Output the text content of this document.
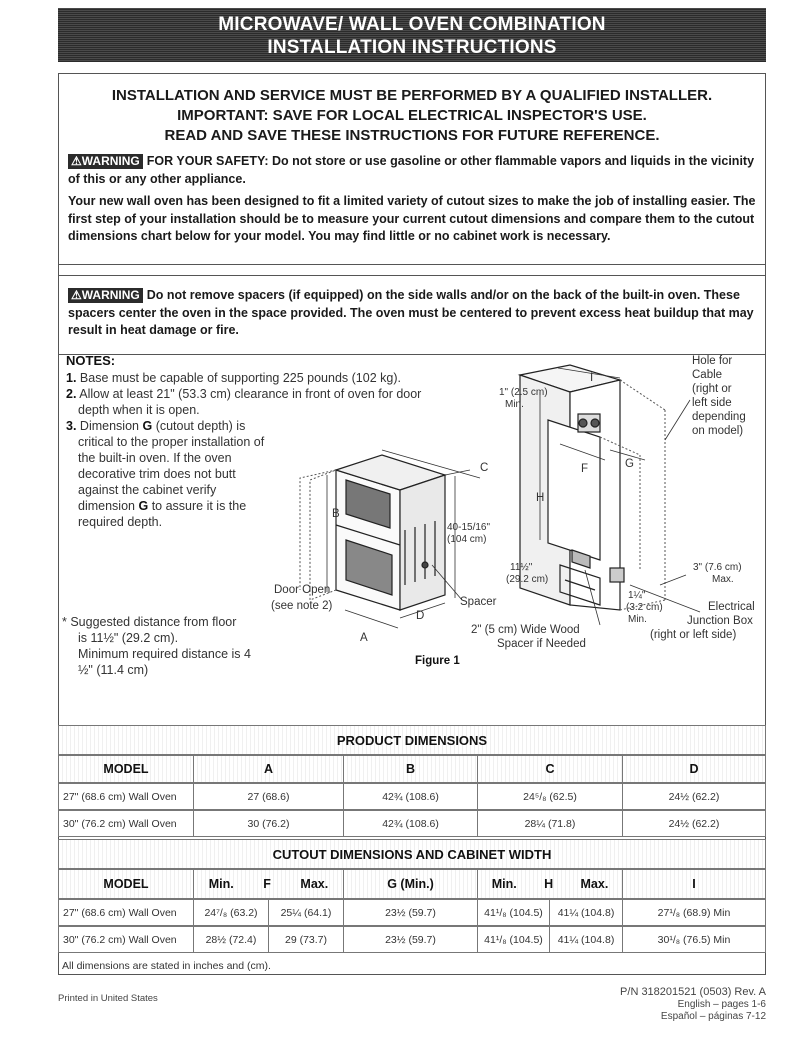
MICROWAVE/ WALL OVEN COMBINATION
INSTALLATION INSTRUCTIONS
INSTALLATION AND SERVICE MUST BE PERFORMED BY A QUALIFIED INSTALLER.
IMPORTANT: SAVE FOR LOCAL ELECTRICAL INSPECTOR'S USE.
READ AND SAVE THESE INSTRUCTIONS FOR FUTURE REFERENCE.
⚠WARNING FOR YOUR SAFETY: Do not store or use gasoline or other flammable vapors and liquids in the vicinity of this or any other appliance.
Your new wall oven has been designed to fit a limited variety of cutout sizes to make the job of installing easier. The first step of your installation should be to measure your current cutout dimensions and compare them to the cutout dimensions chart below for your model. You may find little or no cabinet work is necessary.
⚠WARNING Do not remove spacers (if equipped) on the side walls and/or on the back of the built-in oven. These spacers center the oven in the space provided. The oven must be centered to prevent excess heat buildup that may result in heat damage or fire.
NOTES:
1. Base must be capable of supporting 225 pounds (102 kg).
2. Allow at least 21" (53.3 cm) clearance in front of oven for door
depth when it is open.
3. Dimension G (cutout depth) is
critical to the proper installation of
the built-in oven. If the oven
decorative trim does not butt
against the cabinet verify
dimension G to assure it is the
required depth.
* Suggested distance from floor
is 11½" (29.2 cm).
Minimum required distance is 4
½" (11.4 cm)
Figure 1
Door Open
(see note 2)	Spacer
40-15/16"
(104 cm)
1" (2.5 cm)
Min.
11½"
(29.2 cm)
3" (7.6 cm)
Max.
1¼"
(3.2 cm)
Min.
2" (5 cm) Wide Wood
Spacer if Needed
Hole for
Cable
(right or
left side
depending
on model)
Electrical
Junction Box
(right or left side)
A
B
C
D
F	G
H
I
PRODUCT DIMENSIONS
MODEL	A	B	C	D
27" (68.6 cm) Wall Oven	27 (68.6)	42¾ (108.6)	24⁵/₈ (62.5)	24½ (62.2)
30" (76.2 cm) Wall Oven	30 (76.2)	42¾ (108.6)	28¼ (71.8)	24½ (62.2)
CUTOUT DIMENSIONS AND CABINET WIDTH
MODEL	Min. F Max.	G (Min.)	Min. H Max.	I
27" (68.6 cm) Wall Oven	24⁷/₈ (63.2)	25¼ (64.1)	23½ (59.7)	41¹/₈ (104.5)	41¼ (104.8)	27¹/₈ (68.9) Min
30" (76.2 cm) Wall Oven	28½ (72.4)	29 (73.7)	23½ (59.7)	41¹/₈ (104.5)	41¼ (104.8)	30¹/₈ (76.5) Min
All dimensions are stated in inches and (cm).
Printed in United States
P/N 318201521 (0503) Rev. A
English – pages 1-6
Español – páginas 7-12
